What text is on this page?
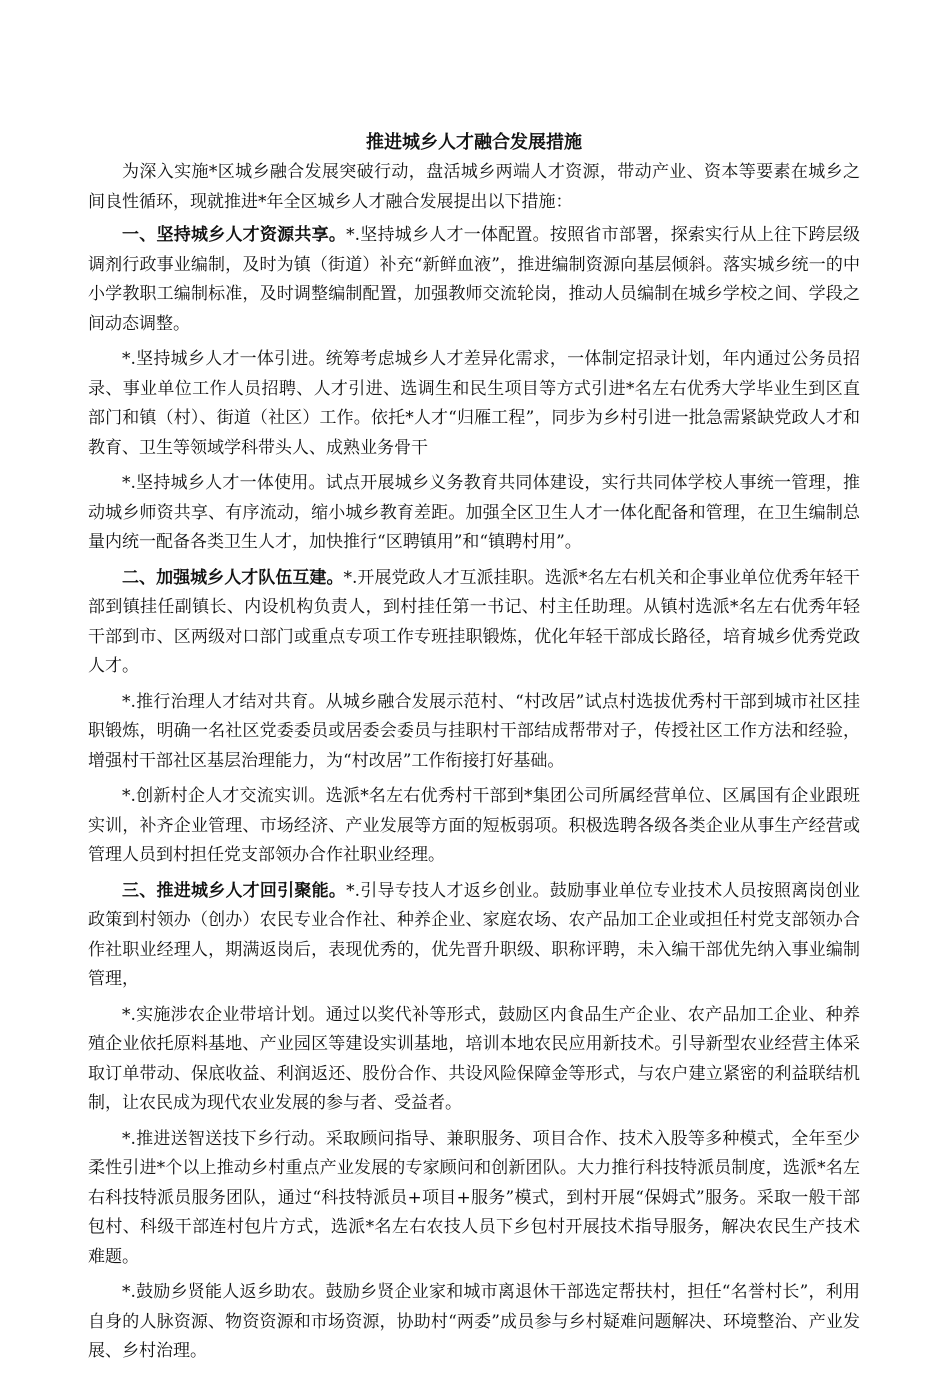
推进城乡人才融合发展措施

为深入实施*区城乡融合发展突破行动，盘活城乡两端人才资源，带动产业、资本等要素在城乡之间良性循环，现就推进*年全区城乡人才融合发展提出以下措施：

一、坚持城乡人才资源共享。*.坚持城乡人才一体配置。按照省市部署，探索实行从上往下跨层级调剂行政事业编制，及时为镇（街道）补充“新鲜血液”，推进编制资源向基层倾斜。落实城乡统一的中小学教职工编制标准，及时调整编制配置，加强教师交流轮岗，推动人员编制在城乡学校之间、学段之间动态调整。

*.坚持城乡人才一体引进。统筹考虑城乡人才差异化需求，一体制定招录计划，年内通过公务员招录、事业单位工作人员招聘、人才引进、选调生和民生项目等方式引进*名左右优秀大学毕业生到区直部门和镇（村）、街道（社区）工作。依托*人才“归雁工程”，同步为乡村引进一批急需紧缺党政人才和教育、卫生等领域学科带头人、成熟业务骨干

*.坚持城乡人才一体使用。试点开展城乡义务教育共同体建设，实行共同体学校人事统一管理，推动城乡师资共享、有序流动，缩小城乡教育差距。加强全区卫生人才一体化配备和管理，在卫生编制总量内统一配备各类卫生人才，加快推行“区聘镇用”和“镇聘村用”。

二、加强城乡人才队伍互建。*.开展党政人才互派挂职。选派*名左右机关和企事业单位优秀年轻干部到镇挂任副镇长、内设机构负责人，到村挂任第一书记、村主任助理。从镇村选派*名左右优秀年轻干部到市、区两级对口部门或重点专项工作专班挂职锻炼，优化年轻干部成长路径，培育城乡优秀党政人才。

*.推行治理人才结对共育。从城乡融合发展示范村、“村改居”试点村选拔优秀村干部到城市社区挂职锻炼，明确一名社区党委委员或居委会委员与挂职村干部结成帮带对子，传授社区工作方法和经验，增强村干部社区基层治理能力，为“村改居”工作衔接打好基础。

*.创新村企人才交流实训。选派*名左右优秀村干部到*集团公司所属经营单位、区属国有企业跟班实训，补齐企业管理、市场经济、产业发展等方面的短板弱项。积极选聘各级各类企业从事生产经营或管理人员到村担任党支部领办合作社职业经理。

三、推进城乡人才回引聚能。*.引导专技人才返乡创业。鼓励事业单位专业技术人员按照离岗创业政策到村领办（创办）农民专业合作社、种养企业、家庭农场、农产品加工企业或担任村党支部领办合作社职业经理人，期满返岗后，表现优秀的，优先晋升职级、职称评聘，未入编干部优先纳入事业编制管理，

*.实施涉农企业带培计划。通过以奖代补等形式，鼓励区内食品生产企业、农产品加工企业、种养殖企业依托原料基地、产业园区等建设实训基地，培训本地农民应用新技术。引导新型农业经营主体采取订单带动、保底收益、利润返还、股份合作、共设风险保障金等形式，与农户建立紧密的利益联结机制，让农民成为现代农业发展的参与者、受益者。

*.推进送智送技下乡行动。采取顾问指导、兼职服务、项目合作、技术入股等多种模式，全年至少柔性引进*个以上推动乡村重点产业发展的专家顾问和创新团队。大力推行科技特派员制度，选派*名左右科技特派员服务团队，通过“科技特派员+项目+服务”模式，到村开展“保姆式”服务。采取一般干部包村、科级干部连村包片方式，选派*名左右农技人员下乡包村开展技术指导服务，解决农民生产技术难题。

*.鼓励乡贤能人返乡助农。鼓励乡贤企业家和城市离退休干部选定帮扶村，担任“名誉村长”，利用自身的人脉资源、物资资源和市场资源，协助村“两委”成员参与乡村疑难问题解决、环境整治、产业发展、乡村治理。
